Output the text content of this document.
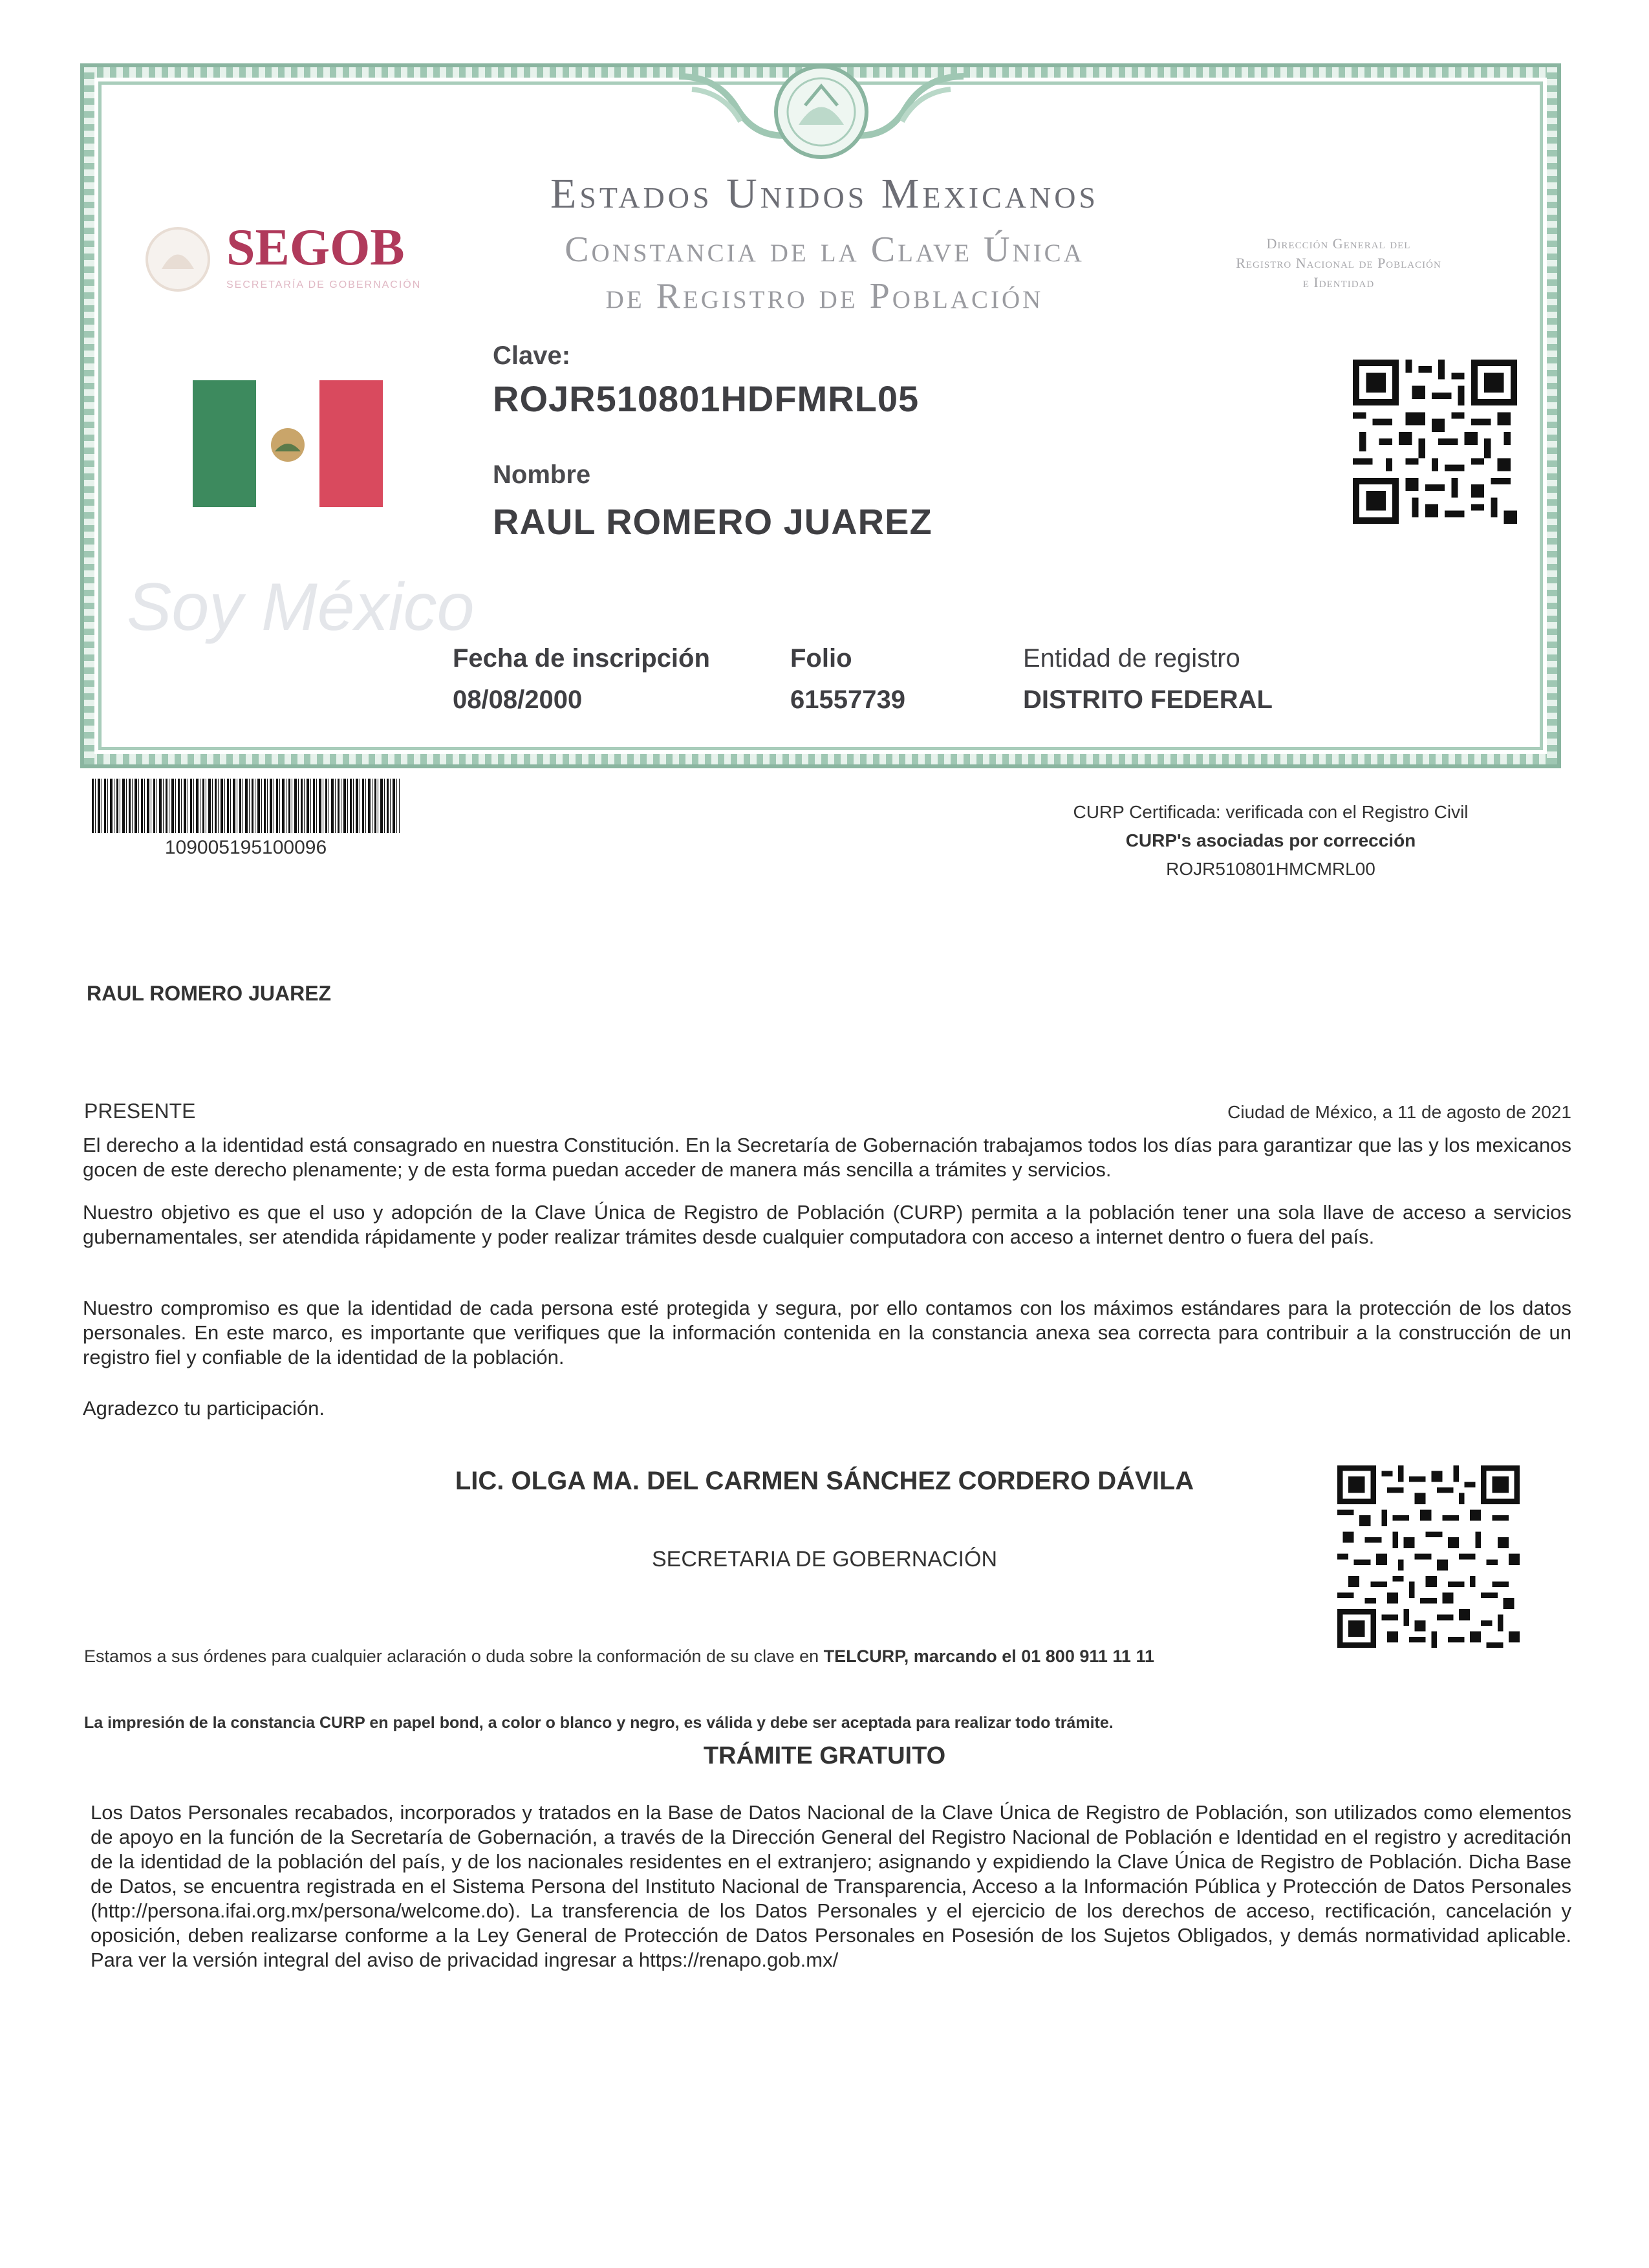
SEGOB
SECRETARÍA DE GOBERNACIÓN
Estados Unidos Mexicanos
Constancia de la Clave Única
de Registro de Población
Dirección General del
Registro Nacional de Población
e Identidad
Soy México
Clave:
ROJR510801HDFMRL05
Nombre
RAUL ROMERO JUAREZ
Fecha de inscripción
08/08/2000
Folio
61557739
Entidad de registro
DISTRITO FEDERAL
109005195100096
CURP Certificada: verificada con el Registro Civil
CURP's asociadas por corrección
ROJR510801HMCMRL00
RAUL ROMERO JUAREZ
PRESENTE	Ciudad de México, a 11 de agosto de 2021
El derecho a la identidad está consagrado en nuestra Constitución. En la Secretaría de Gobernación trabajamos todos los días para garantizar que las y los mexicanos gocen de este derecho plenamente; y de esta forma puedan acceder de manera más sencilla a trámites y servicios.
Nuestro objetivo es que el uso y adopción de la Clave Única de Registro de Población (CURP) permita a la población tener una sola llave de acceso a servicios gubernamentales, ser atendida rápidamente y poder realizar trámites desde cualquier computadora con acceso a internet dentro o fuera del país.
Nuestro compromiso es que la identidad de cada persona esté protegida y segura, por ello contamos con los máximos estándares para la protección de los datos personales. En este marco, es importante que verifiques que la información contenida en la constancia anexa sea correcta para contribuir a la construcción de un registro fiel y confiable de la identidad de la población.
Agradezco tu participación.
LIC. OLGA MA. DEL CARMEN SÁNCHEZ CORDERO DÁVILA
SECRETARIA DE GOBERNACIÓN
Estamos a sus órdenes para cualquier aclaración o duda sobre la conformación de su clave en TELCURP, marcando el 01 800 911 11 11
La impresión de la constancia CURP en papel bond, a color o blanco y negro, es válida y debe ser aceptada para realizar todo trámite.
TRÁMITE GRATUITO
Los Datos Personales recabados, incorporados y tratados en la Base de Datos Nacional de la Clave Única de Registro de Población, son utilizados como elementos de apoyo en la función de la Secretaría de Gobernación, a través de la Dirección General del Registro Nacional de Población e Identidad en el registro y acreditación de la identidad de la población del país, y de los nacionales residentes en el extranjero; asignando y expidiendo la Clave Única de Registro de Población. Dicha Base de Datos, se encuentra registrada en el Sistema Persona del Instituto Nacional de Transparencia, Acceso a la Información Pública y Protección de Datos Personales (http://persona.ifai.org.mx/persona/welcome.do). La transferencia de los Datos Personales y el ejercicio de los derechos de acceso, rectificación, cancelación y oposición, deben realizarse conforme a la Ley General de Protección de Datos Personales en Posesión de los Sujetos Obligados, y demás normatividad aplicable. Para ver la versión integral del aviso de privacidad ingresar a https://renapo.gob.mx/
